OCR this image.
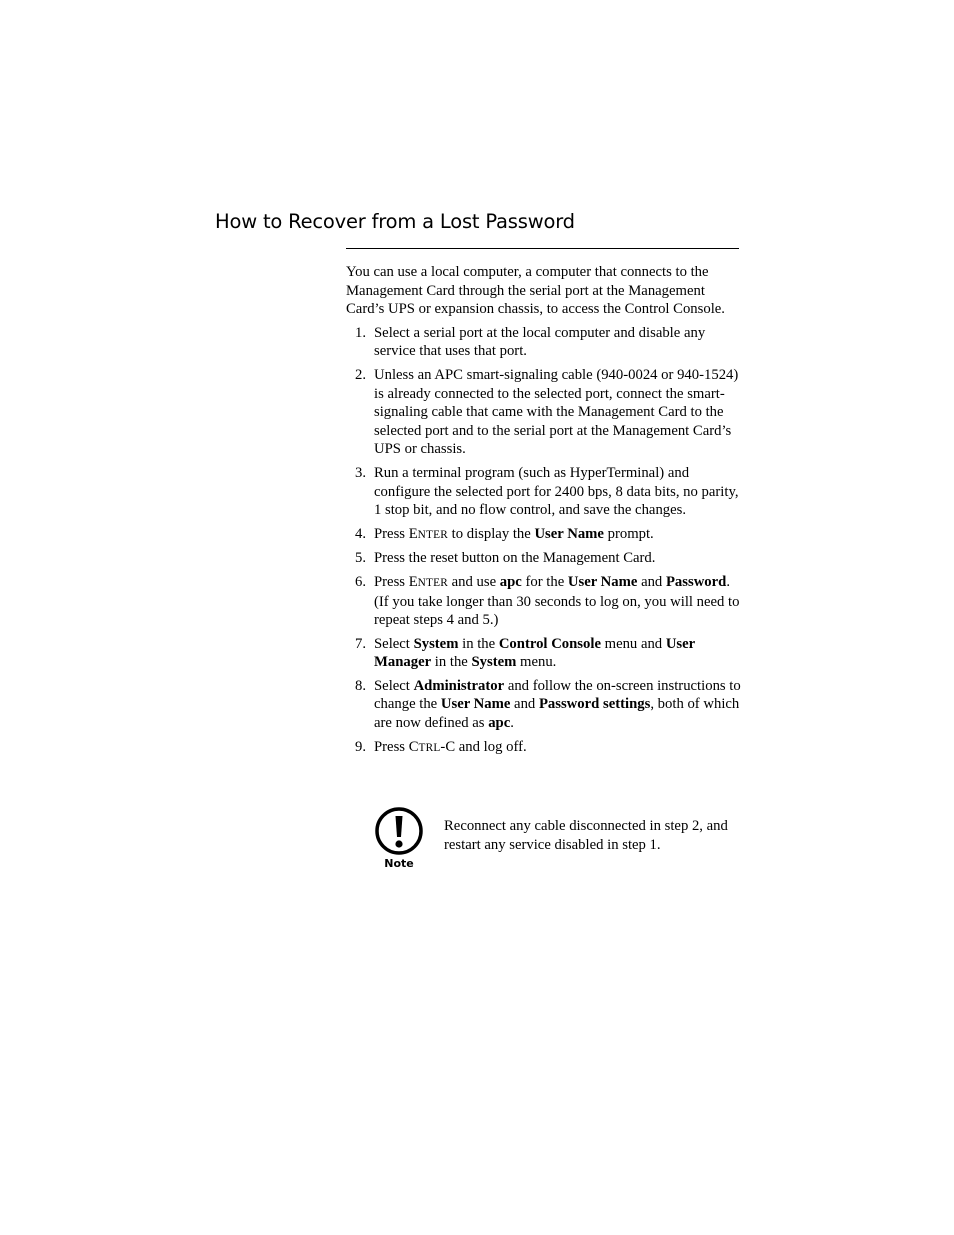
How to Recover from a Lost Password

You can use a local computer, a computer that connects to the Management Card through the serial port at the Management Card’s UPS or expansion chassis, to access the Control Console.

1. Select a serial port at the local computer and disable any service that uses that port.
2. Unless an APC smart-signaling cable (940-0024 or 940-1524) is already connected to the selected port, connect the smart-signaling cable that came with the Management Card to the selected port and to the serial port at the Management Card’s UPS or chassis.
3. Run a terminal program (such as HyperTerminal) and configure the selected port for 2400 bps, 8 data bits, no parity, 1 stop bit, and no flow control, and save the changes.
4. Press ENTER to display the User Name prompt.
5. Press the reset button on the Management Card.
6. Press ENTER and use apc for the User Name and Password. (If you take longer than 30 seconds to log on, you will need to repeat steps 4 and 5.)
7. Select System in the Control Console menu and User Manager in the System menu.
8. Select Administrator and follow the on-screen instructions to change the User Name and Password settings, both of which are now defined as apc.
9. Press CTRL-C and log off.
Note

Reconnect any cable disconnected in step 2, and restart any service disabled in step 1.
